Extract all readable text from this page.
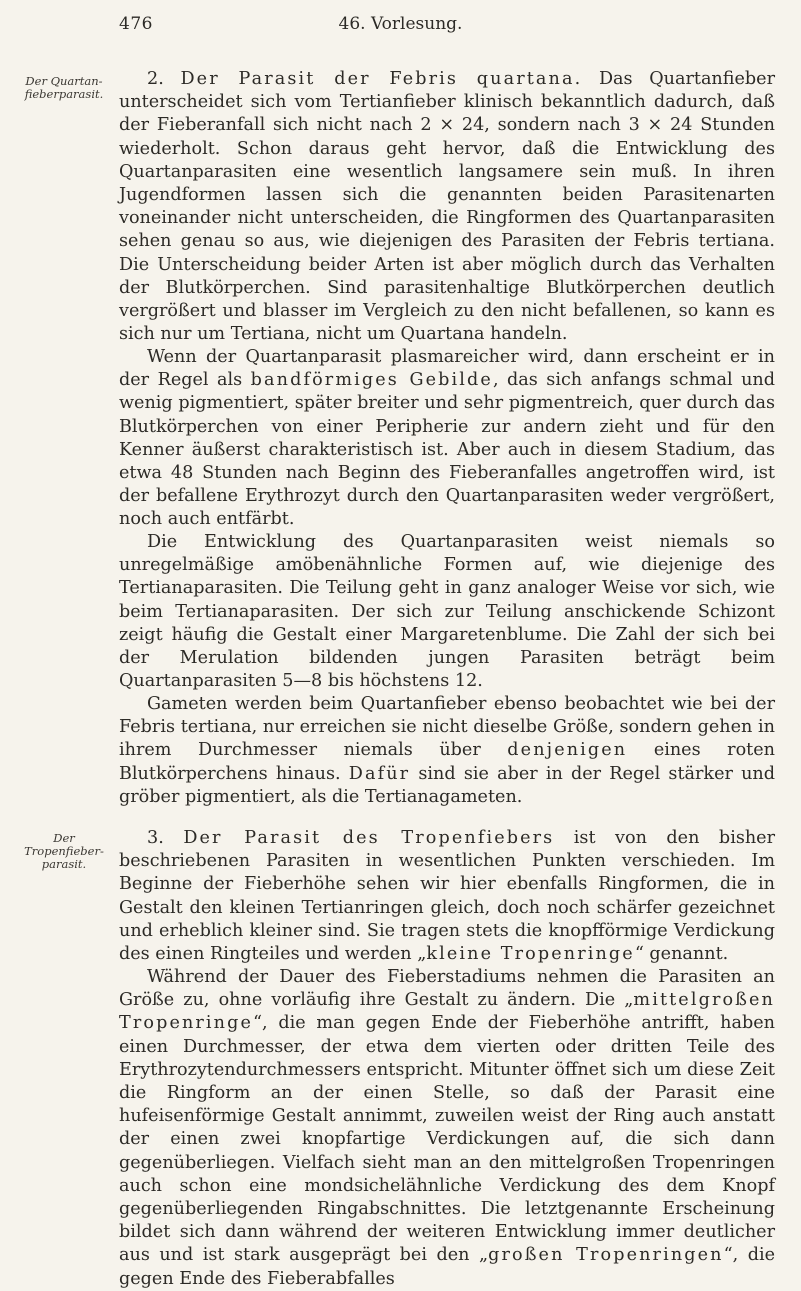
476	46. Vorlesung.
Der Quartan-fieberparasit.

2. Der Parasit der Febris quartana. Das Quartanfieber unterscheidet sich vom Tertianfieber klinisch bekanntlich dadurch, daß der Fieberanfall sich nicht nach 2 × 24, sondern nach 3 × 24 Stunden wiederholt. Schon daraus geht hervor, daß die Entwicklung des Quartanparasiten eine wesentlich langsamere sein muß. In ihren Jugendformen lassen sich die genannten beiden Parasitenarten voneinander nicht unterscheiden, die Ringformen des Quartanparasiten sehen genau so aus, wie diejenigen des Parasiten der Febris tertiana. Die Unterscheidung beider Arten ist aber möglich durch das Verhalten der Blutkörperchen. Sind parasitenhaltige Blutkörperchen deutlich vergrößert und blasser im Vergleich zu den nicht befallenen, so kann es sich nur um Tertiana, nicht um Quartana handeln.

Wenn der Quartanparasit plasmareicher wird, dann erscheint er in der Regel als bandförmiges Gebilde, das sich anfangs schmal und wenig pigmentiert, später breiter und sehr pigmentreich, quer durch das Blutkörperchen von einer Peripherie zur andern zieht und für den Kenner äußerst charakteristisch ist. Aber auch in diesem Stadium, das etwa 48 Stunden nach Beginn des Fieberanfalles angetroffen wird, ist der befallene Erythrozyt durch den Quartanparasiten weder vergrößert, noch auch entfärbt.

Die Entwicklung des Quartanparasiten weist niemals so unregelmäßige amöbenähnliche Formen auf, wie diejenige des Tertianaparasiten. Die Teilung geht in ganz analoger Weise vor sich, wie beim Tertianaparasiten. Der sich zur Teilung anschickende Schizont zeigt häufig die Gestalt einer Margaretenblume. Die Zahl der sich bei der Merulation bildenden jungen Parasiten beträgt beim Quartanparasiten 5—8 bis höchstens 12.

Gameten werden beim Quartanfieber ebenso beobachtet wie bei der Febris tertiana, nur erreichen sie nicht dieselbe Größe, sondern gehen in ihrem Durchmesser niemals über denjenigen eines roten Blutkörperchens hinaus. Dafür sind sie aber in der Regel stärker und gröber pigmentiert, als die Tertianagameten.

Der Tropenfieber-parasit.

3. Der Parasit des Tropenfiebers ist von den bisher beschriebenen Parasiten in wesentlichen Punkten verschieden. Im Beginne der Fieberhöhe sehen wir hier ebenfalls Ringformen, die in Gestalt den kleinen Tertianringen gleich, doch noch schärfer gezeichnet und erheblich kleiner sind. Sie tragen stets die knopfförmige Verdickung des einen Ringteiles und werden „kleine Tropenringe“ genannt.

Während der Dauer des Fieberstadiums nehmen die Parasiten an Größe zu, ohne vorläufig ihre Gestalt zu ändern. Die „mittelgroßen Tropenringe“, die man gegen Ende der Fieberhöhe antrifft, haben einen Durchmesser, der etwa dem vierten oder dritten Teile des Erythrozytendurchmessers entspricht. Mitunter öffnet sich um diese Zeit die Ringform an der einen Stelle, so daß der Parasit eine hufeisenförmige Gestalt annimmt, zuweilen weist der Ring auch anstatt der einen zwei knopfartige Verdickungen auf, die sich dann gegenüberliegen. Vielfach sieht man an den mittelgroßen Tropenringen auch schon eine mondsichelähnliche Verdickung des dem Knopf gegenüberliegenden Ringabschnittes. Die letztgenannte Erscheinung bildet sich dann während der weiteren Entwicklung immer deutlicher aus und ist stark ausgeprägt bei den „großen Tropenringen“, die gegen Ende des Fieberabfalles
